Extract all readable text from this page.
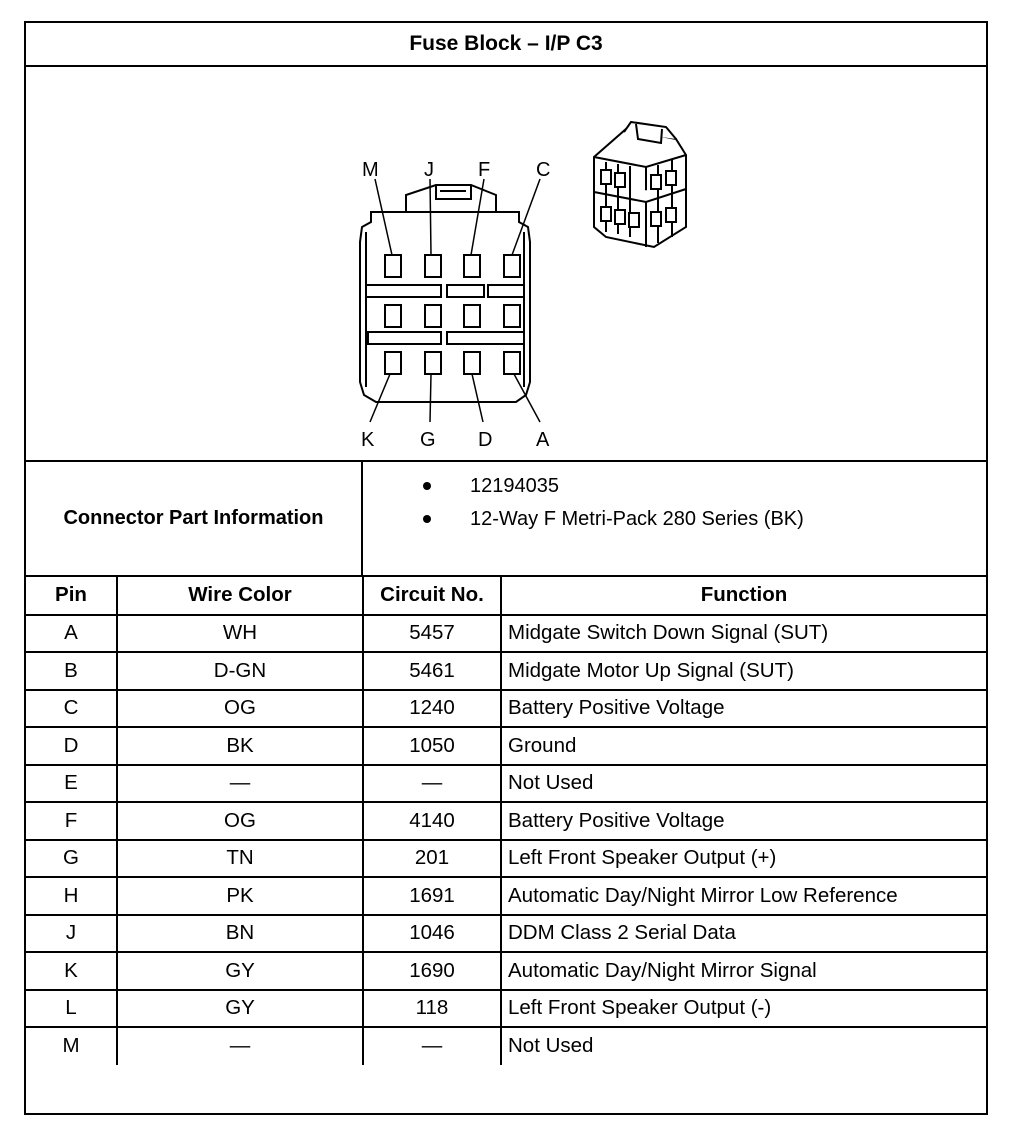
Fuse Block – I/P C3
M J F C
K G D A
Connector Part Information
12194035
12-Way F Metri-Pack 280 Series (BK)
Pin	Wire Color	Circuit No.	Function
A	WH	5457	Midgate Switch Down Signal (SUT)
B	D-GN	5461	Midgate Motor Up Signal (SUT)
C	OG	1240	Battery Positive Voltage
D	BK	1050	Ground
E	—	—	Not Used
F	OG	4140	Battery Positive Voltage
G	TN	201	Left Front Speaker Output (+)
H	PK	1691	Automatic Day/Night Mirror Low Reference
J	BN	1046	DDM Class 2 Serial Data
K	GY	1690	Automatic Day/Night Mirror Signal
L	GY	118	Left Front Speaker Output (-)
M	—	—	Not Used
